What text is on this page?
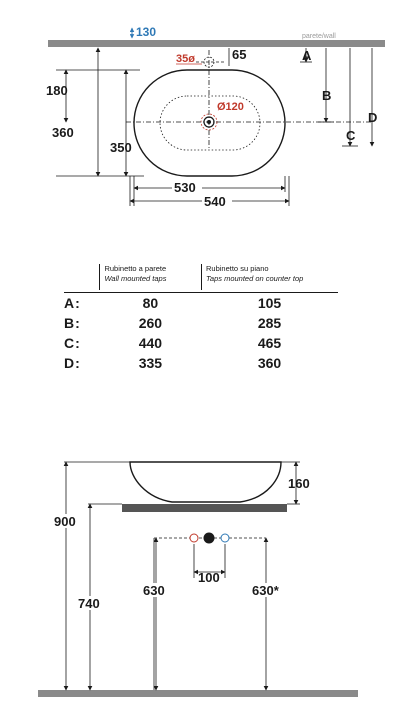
parete/wall
130
35ø	65
Ø120
180
360
350
530
540
A
B
C
D
160
900
740
100
630	630*
Rubinetto a parete
Wall mounted taps
Rubinetto su piano
Taps mounted on counter top
A:	80	105
B:	260	285
C:	440	465
D:	335	360
